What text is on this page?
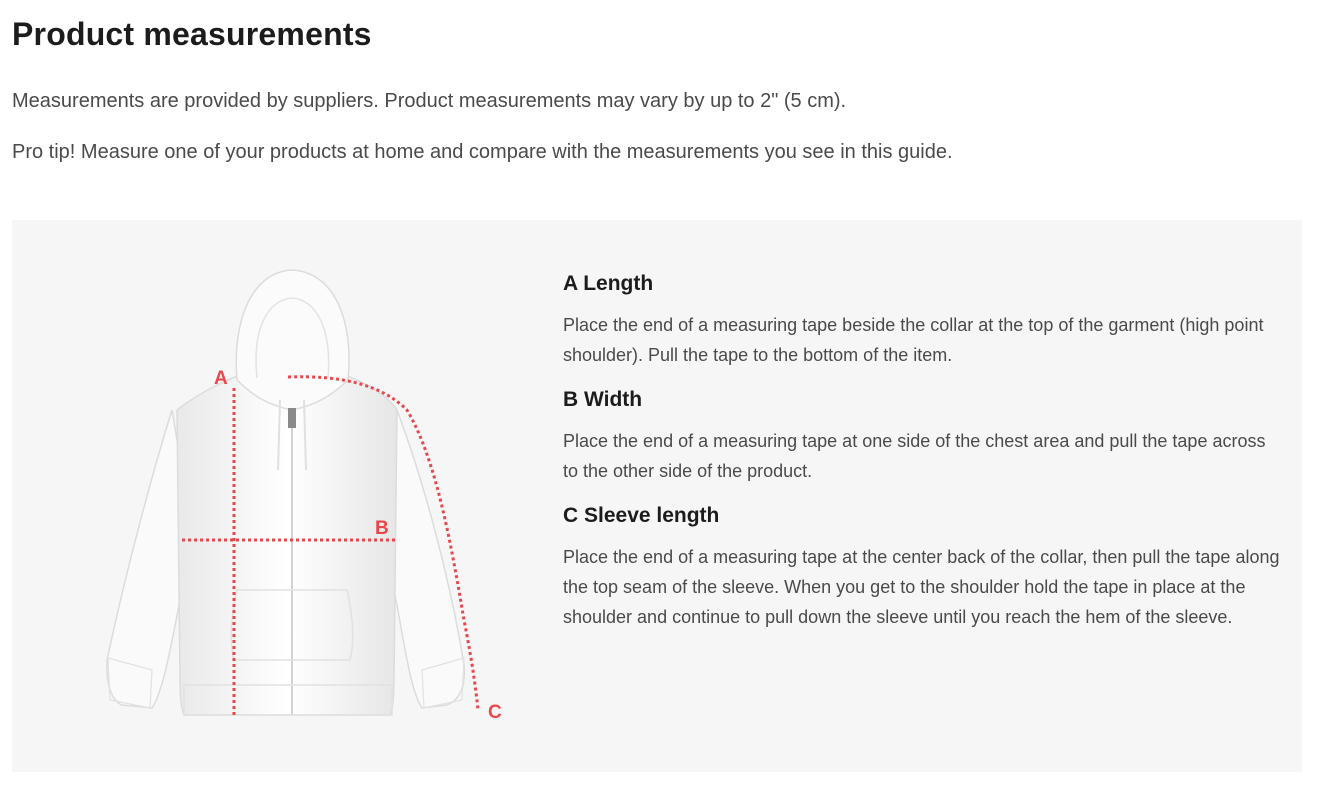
Product measurements

Measurements are provided by suppliers. Product measurements may vary by up to 2" (5 cm).

Pro tip! Measure one of your products at home and compare with the measurements you see in this guide.

A
B
C
A Length

Place the end of a measuring tape beside the collar at the top of the garment (high point shoulder). Pull the tape to the bottom of the item.

B Width

Place the end of a measuring tape at one side of the chest area and pull the tape across to the other side of the product.

C Sleeve length

Place the end of a measuring tape at the center back of the collar, then pull the tape along the top seam of the sleeve. When you get to the shoulder hold the tape in place at the shoulder and continue to pull down the sleeve until you reach the hem of the sleeve.
